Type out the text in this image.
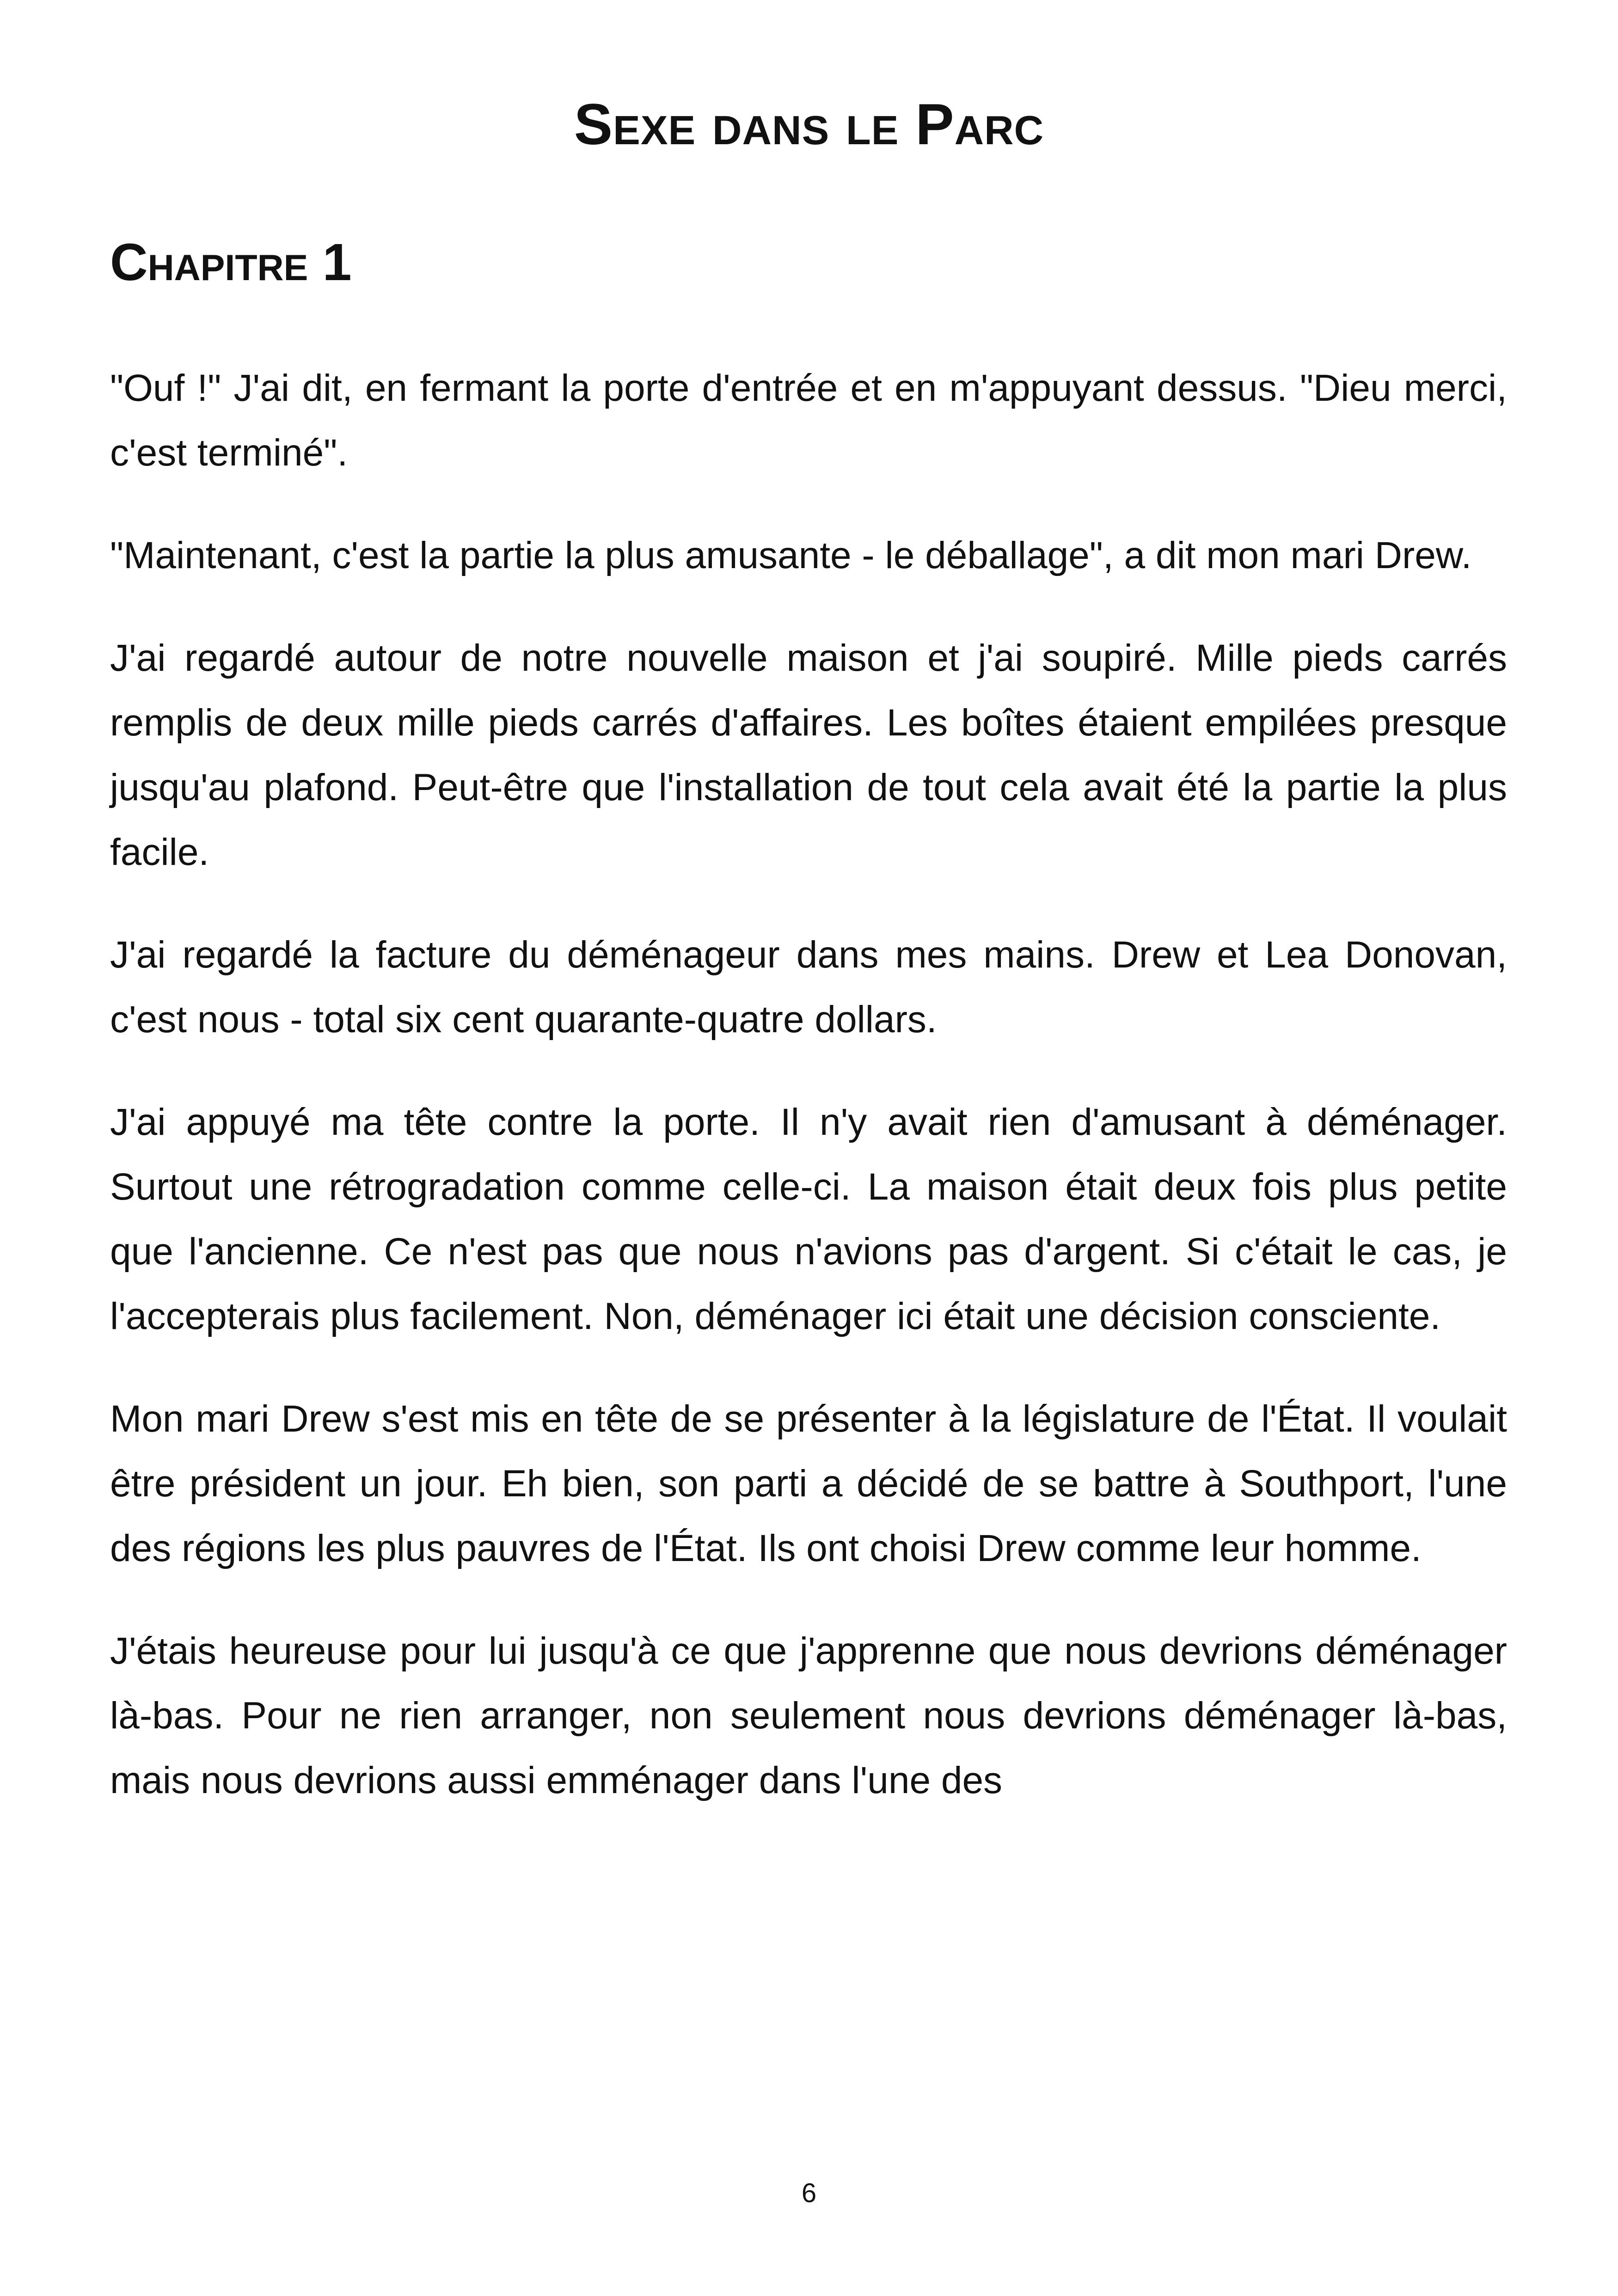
Sexe dans le Parc
Chapitre 1

"Ouf !" J'ai dit, en fermant la porte d'entrée et en m'appuyant dessus. "Dieu merci, c'est terminé".

"Maintenant, c'est la partie la plus amusante - le déballage", a dit mon mari Drew.

J'ai regardé autour de notre nouvelle maison et j'ai soupiré. Mille pieds carrés remplis de deux mille pieds carrés d'affaires. Les boîtes étaient empilées presque jusqu'au plafond. Peut-être que l'installation de tout cela avait été la partie la plus facile.

J'ai regardé la facture du déménageur dans mes mains. Drew et Lea Donovan, c'est nous - total six cent quarante-quatre dollars.

J'ai appuyé ma tête contre la porte. Il n'y avait rien d'amusant à déménager. Surtout une rétrogradation comme celle-ci. La maison était deux fois plus petite que l'ancienne. Ce n'est pas que nous n'avions pas d'argent. Si c'était le cas, je l'accepterais plus facilement. Non, déménager ici était une décision consciente.

Mon mari Drew s'est mis en tête de se présenter à la législature de l'État. Il voulait être président un jour. Eh bien, son parti a décidé de se battre à Southport, l'une des régions les plus pauvres de l'État. Ils ont choisi Drew comme leur homme.

J'étais heureuse pour lui jusqu'à ce que j'apprenne que nous devrions déménager là-bas. Pour ne rien arranger, non seulement nous devrions déménager là-bas, mais nous devrions aussi emménager dans l'une des

6
